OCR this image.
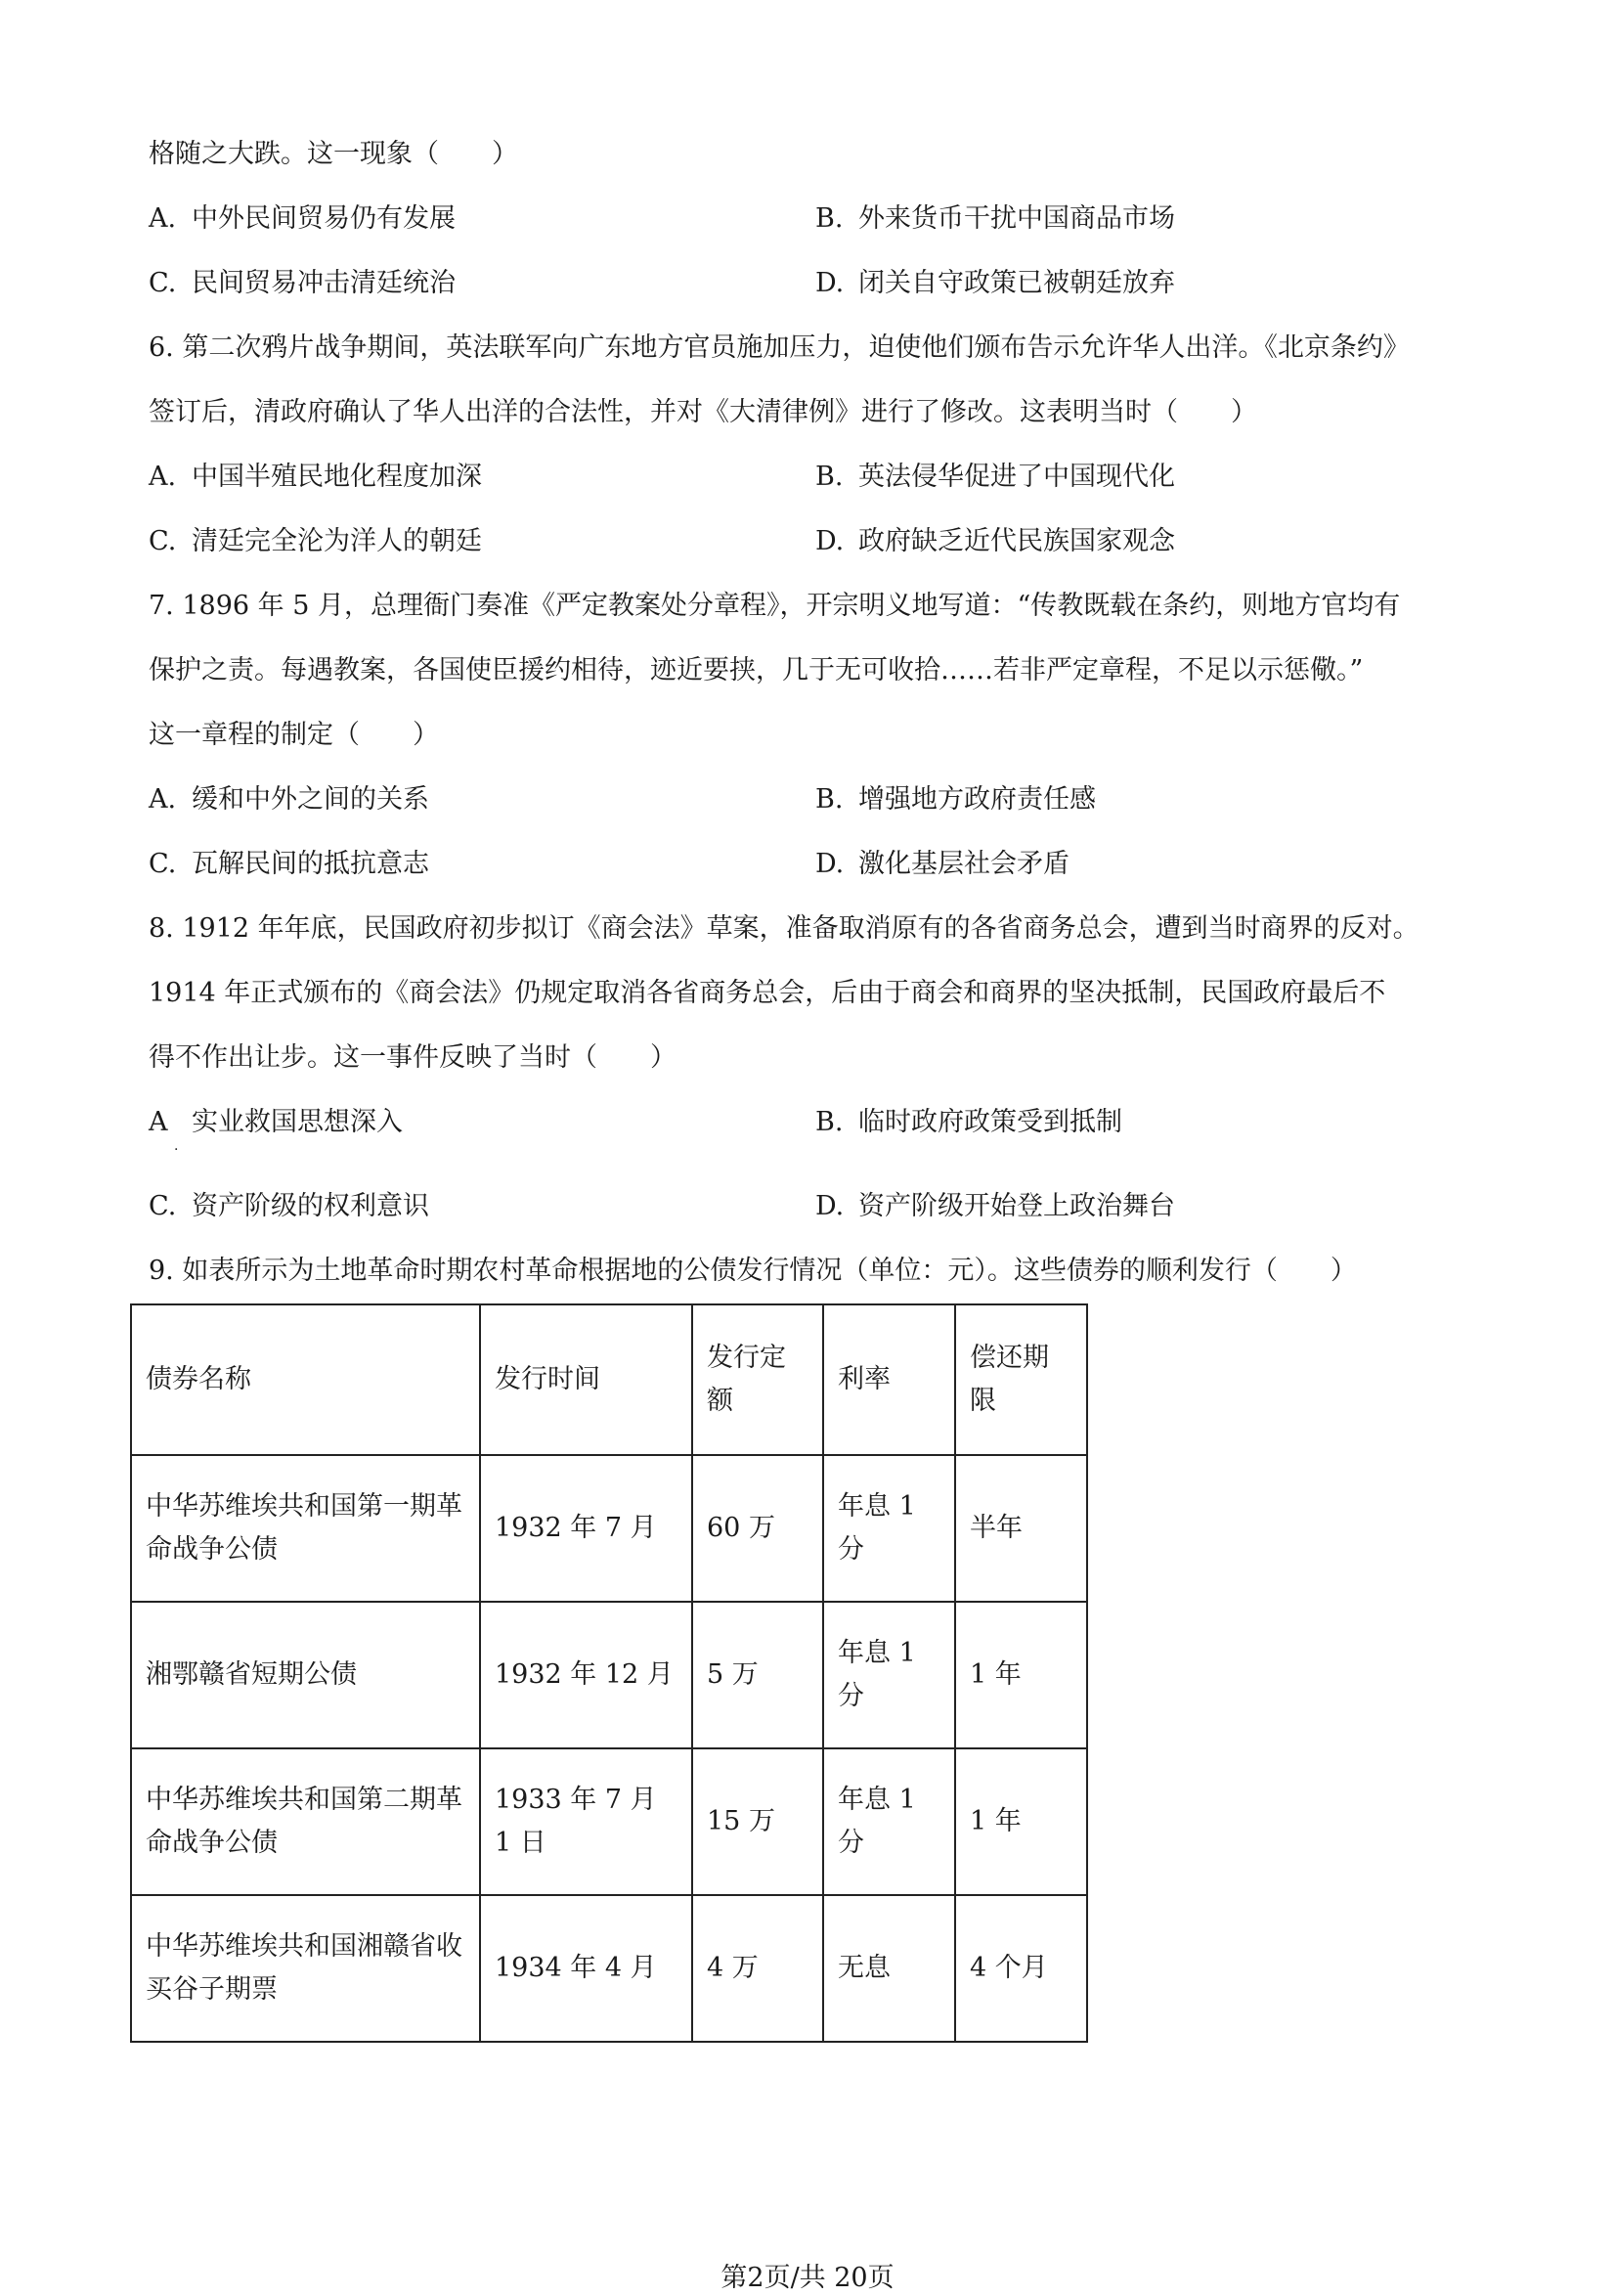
格随之大跌。这一现象（　　）
A. 中外民间贸易仍有发展	B. 外来货币干扰中国商品市场
C. 民间贸易冲击清廷统治	D. 闭关自守政策已被朝廷放弃
6. 第二次鸦片战争期间，英法联军向广东地方官员施加压力，迫使他们颁布告示允许华人出洋。《北京条约》
签订后，清政府确认了华人出洋的合法性，并对《大清律例》进行了修改。这表明当时（　　）
A. 中国半殖民地化程度加深	B. 英法侵华促进了中国现代化
C. 清廷完全沦为洋人的朝廷	D. 政府缺乏近代民族国家观念
7. 1896 年 5 月，总理衙门奏准《严定教案处分章程》，开宗明义地写道：“传教既载在条约，则地方官均有
保护之责。每遇教案，各国使臣援约相待，迹近要挟，几于无可收拾……若非严定章程，不足以示惩儆。”
这一章程的制定（　　）
A. 缓和中外之间的关系	B. 增强地方政府责任感
C. 瓦解民间的抵抗意志	D. 激化基层社会矛盾
8. 1912 年年底，民国政府初步拟订《商会法》草案，准备取消原有的各省商务总会，遭到当时商界的反对。
1914 年正式颁布的《商会法》仍规定取消各省商务总会，后由于商会和商界的坚决抵制，民国政府最后不
得不作出让步。这一事件反映了当时（　　）
A 实业救国思想深入	B. 临时政府政策受到抵制
·
C. 资产阶级的权利意识	D. 资产阶级开始登上政治舞台
9. 如表所示为土地革命时期农村革命根据地的公债发行情况（单位：元）。这些债券的顺利发行（　　）
债券名称	发行时间	发行定额	利率	偿还期限
中华苏维埃共和国第一期革命战争公债	1932 年 7 月	60 万	年息 1 分	半年
湘鄂赣省短期公债	1932 年 12 月	5 万	年息 1 分	1 年
中华苏维埃共和国第二期革命战争公债	1933 年 7 月 1 日	15 万	年息 1 分	1 年
中华苏维埃共和国湘赣省收买谷子期票	1934 年 4 月	4 万	无息	4 个月
第2页/共 20页
